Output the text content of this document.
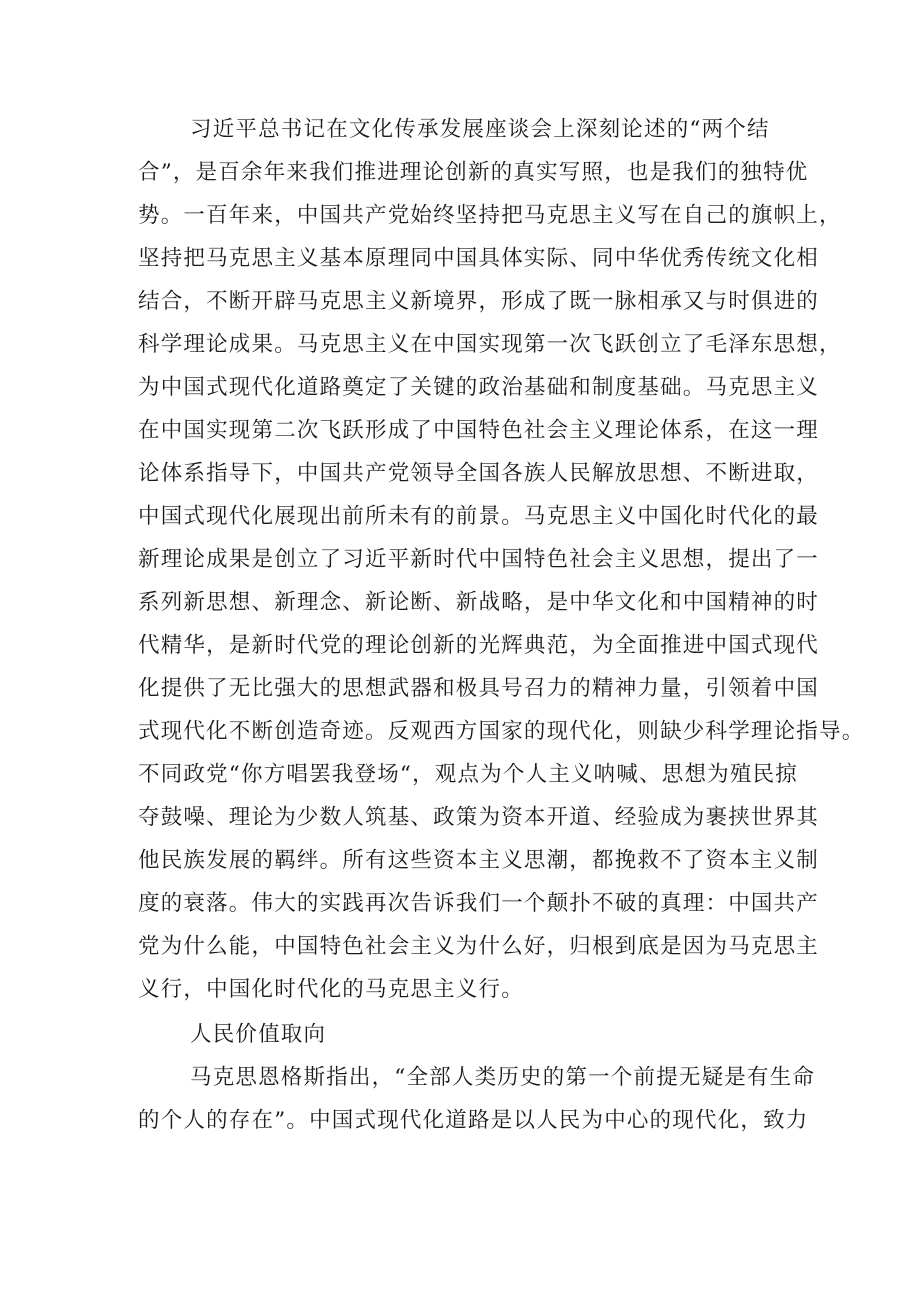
习近平总书记在文化传承发展座谈会上深刻论述的“两个结

合”，是百余年来我们推进理论创新的真实写照，也是我们的独特优

势。一百年来，中国共产党始终坚持把马克思主义写在自己的旗帜上，

坚持把马克思主义基本原理同中国具体实际、同中华优秀传统文化相

结合，不断开辟马克思主义新境界，形成了既一脉相承又与时俱进的

科学理论成果。马克思主义在中国实现第一次飞跃创立了毛泽东思想，

为中国式现代化道路奠定了关键的政治基础和制度基础。马克思主义

在中国实现第二次飞跃形成了中国特色社会主义理论体系，在这一理

论体系指导下，中国共产党领导全国各族人民解放思想、不断进取，

中国式现代化展现出前所未有的前景。马克思主义中国化时代化的最

新理论成果是创立了习近平新时代中国特色社会主义思想，提出了一

系列新思想、新理念、新论断、新战略，是中华文化和中国精神的时

代精华，是新时代党的理论创新的光辉典范，为全面推进中国式现代

化提供了无比强大的思想武器和极具号召力的精神力量，引领着中国

式现代化不断创造奇迹。反观西方国家的现代化，则缺少科学理论指导。

不同政党“你方唱罢我登场“，观点为个人主义呐喊、思想为殖民掠

夺鼓噪、理论为少数人筑基、政策为资本开道、经验成为裹挟世界其

他民族发展的羁绊。所有这些资本主义思潮，都挽救不了资本主义制

度的衰落。伟大的实践再次告诉我们一个颠扑不破的真理：中国共产

党为什么能，中国特色社会主义为什么好，归根到底是因为马克思主

义行，中国化时代化的马克思主义行。

人民价值取向

马克思恩格斯指出，“全部人类历史的第一个前提无疑是有生命

的个人的存在”。中国式现代化道路是以人民为中心的现代化，致力
